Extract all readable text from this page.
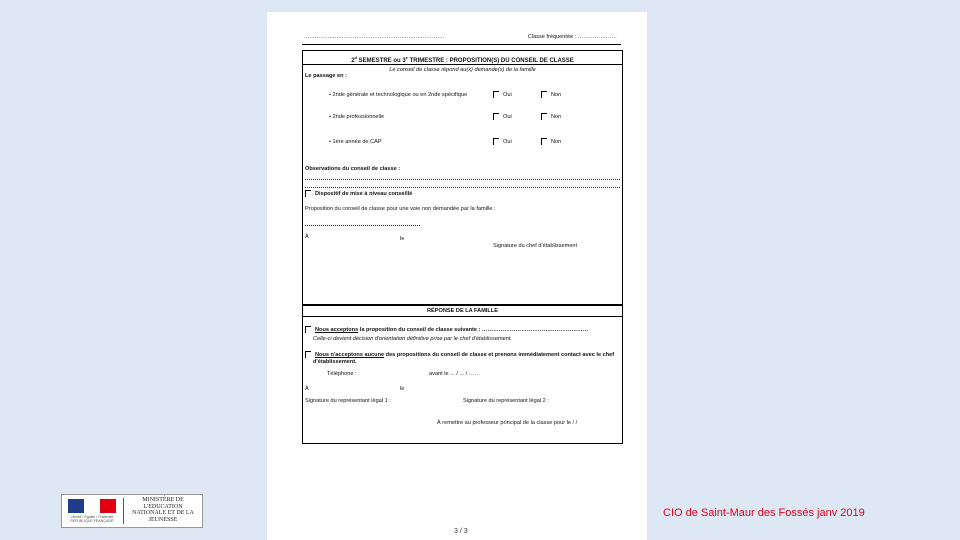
……………………………………………………………………	Classe fréquentée : …………………
2$^d$ SEMESTRE ou 3e TRIMESTRE : PROPOSITION(S) DU CONSEIL DE CLASSE
Le conseil de classe répond au(x) demande(s) de la famille
Le passage en :
• 2nde générale et technologique ou en 2nde spécifique	Oui	Non
• 2nde professionnelle	Oui	Non
• 1ère année de CAP	Oui	Non
Observations du conseil de classe :
Dispositif de mise à niveau conseillé
Proposition du conseil de classe pour une voie non demandée par la famille :
À	le
Signature du chef d'établissement
RÉPONSE DE LA FAMILLE
Nous acceptons la proposition du conseil de classe suivante : …………………………………………………
Celle-ci devient décision d'orientation définitive prise par le chef d'établissement.
Nous n'acceptons aucune des propositions du conseil de classe et prenons immédiatement contact avec le chef
d'établissement.
Téléphone :	avant le ... / ... / ……
À	le
Signature du représentant légal 1 :	Signature du représentant légal 2 :
À remettre au professeur principal de la classe pour le / /
3 / 3
Liberté • Égalité • Fraternité RÉPUBLIQUE FRANÇAISE
MINISTÈRE DE L'ÉDUCATION NATIONALE ET DE LA JEUNESSE
CIO de Saint-Maur des Fossés janv 2019
